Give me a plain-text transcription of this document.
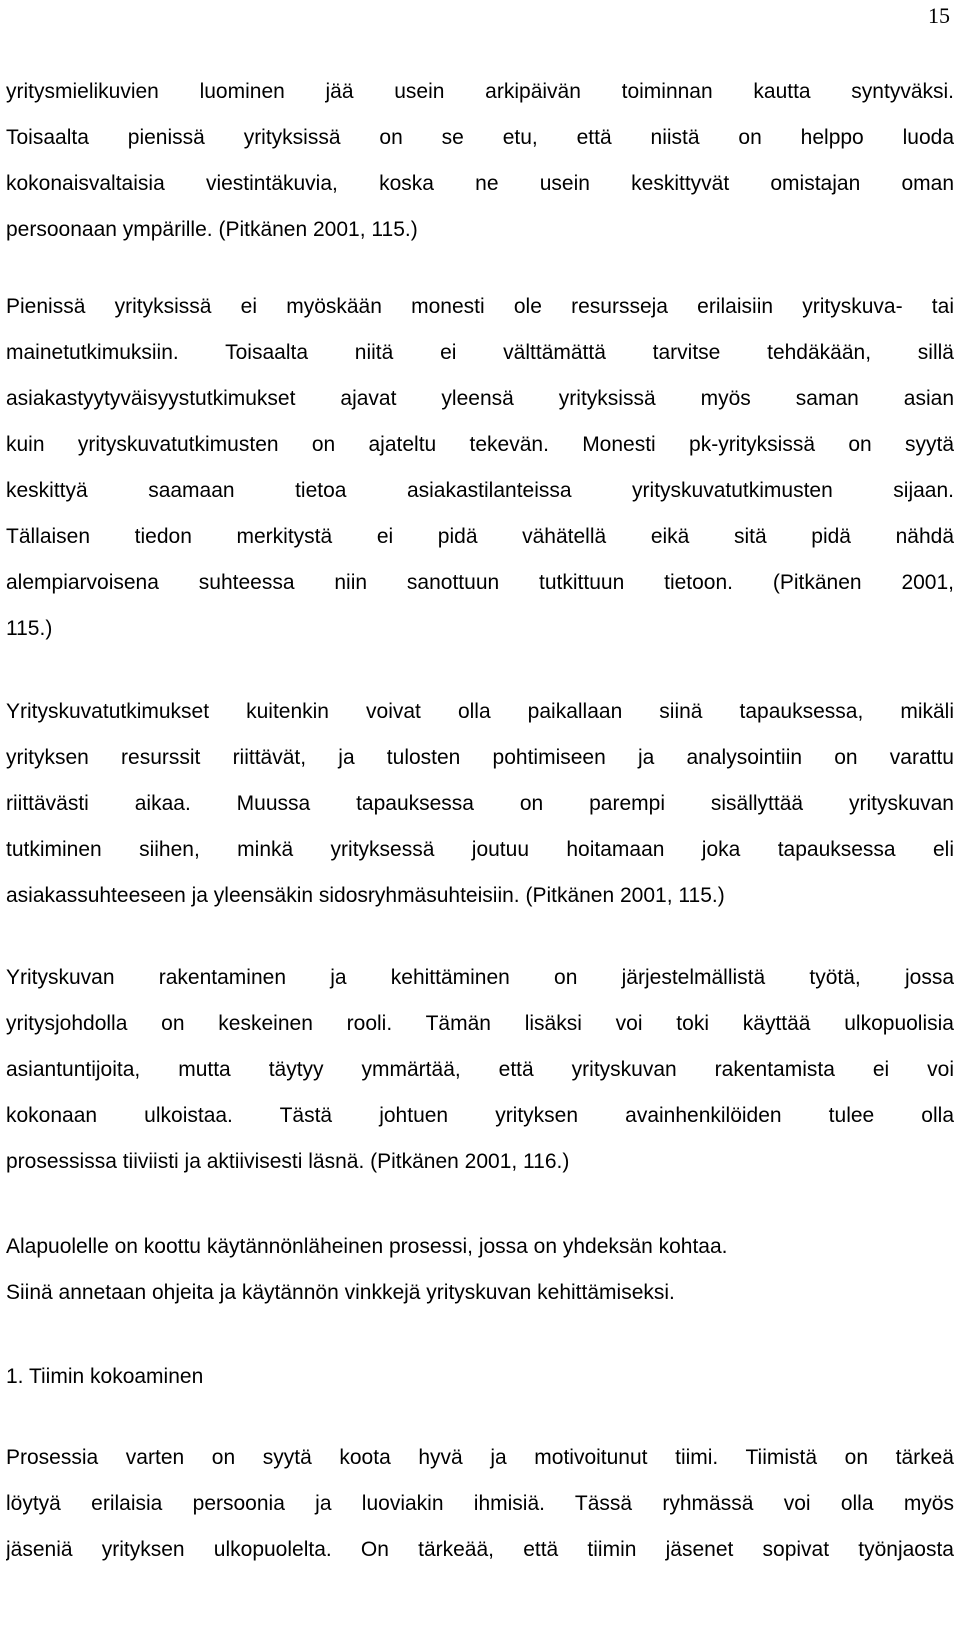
15

yritysmielikuvien luominen jää usein arkipäivän toiminnan kautta syntyväksi.
Toisaalta pienissä yrityksissä on se etu, että niistä on helppo luoda
kokonaisvaltaisia viestintäkuvia, koska ne usein keskittyvät omistajan oman
persoonaan ympärille. (Pitkänen 2001, 115.)

Pienissä yrityksissä ei myöskään monesti ole resursseja erilaisiin yrityskuva- tai
mainetutkimuksiin. Toisaalta niitä ei välttämättä tarvitse tehdäkään, sillä
asiakastyytyväisyystutkimukset ajavat yleensä yrityksissä myös saman asian
kuin yrityskuvatutkimusten on ajateltu tekevän. Monesti pk-yrityksissä on syytä
keskittyä saamaan tietoa asiakastilanteissa yrityskuvatutkimusten sijaan.
Tällaisen tiedon merkitystä ei pidä vähätellä eikä sitä pidä nähdä
alempiarvoisena suhteessa niin sanottuun tutkittuun tietoon. (Pitkänen 2001,
115.)

Yrityskuvatutkimukset kuitenkin voivat olla paikallaan siinä tapauksessa, mikäli
yrityksen resurssit riittävät, ja tulosten pohtimiseen ja analysointiin on varattu
riittävästi aikaa. Muussa tapauksessa on parempi sisällyttää yrityskuvan
tutkiminen siihen, minkä yrityksessä joutuu hoitamaan joka tapauksessa eli
asiakassuhteeseen ja yleensäkin sidosryhmäsuhteisiin. (Pitkänen 2001, 115.)

Yrityskuvan rakentaminen ja kehittäminen on järjestelmällistä työtä, jossa
yritysjohdolla on keskeinen rooli. Tämän lisäksi voi toki käyttää ulkopuolisia
asiantuntijoita, mutta täytyy ymmärtää, että yrityskuvan rakentamista ei voi
kokonaan ulkoistaa. Tästä johtuen yrityksen avainhenkilöiden tulee olla
prosessissa tiiviisti ja aktiivisesti läsnä. (Pitkänen 2001, 116.)

Alapuolelle on koottu käytännönläheinen prosessi, jossa on yhdeksän kohtaa.
Siinä annetaan ohjeita ja käytännön vinkkejä yrityskuvan kehittämiseksi.

1. Tiimin kokoaminen

Prosessia varten on syytä koota hyvä ja motivoitunut tiimi. Tiimistä on tärkeä
löytyä erilaisia persoonia ja luoviakin ihmisiä. Tässä ryhmässä voi olla myös
jäseniä yrityksen ulkopuolelta. On tärkeää, että tiimin jäsenet sopivat työnjaosta
